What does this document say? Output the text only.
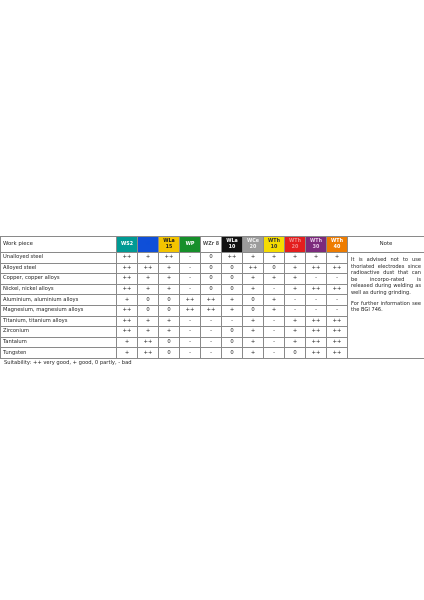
Work piece	WS2	W	WLa 15	WP	WZr 8	WLa 10	WCe 20	WTh 10	WTh 20	WTh 30	WTh 40	Note
Unalloyed steel	++	+	++	-	0	++	+	+	+	+	+	It is advised not to use thoriated electrodes since radioactive dust that can be incorpo-rated is released during welding as well as during grinding.

For further information see the BGI 746.

Alloyed steel	++	++	+	-	0	0	++	0	+	++	++	
Copper, copper alloys	++	+	+	-	0	0	+	+	+	-	-	
Nickel, nickel alloys	++	+	+	-	0	0	+	-	+	++	++	
Aluminium, aluminium alloys	+	0	0	++	++	+	0	+	-	-	-	
Magnesium, magnesium alloys	++	0	0	++	++	+	0	+	-	-	-	
Titanium, titanium alloys	++	+	+	-	-	-	+	-	+	++	++	
Zirconium	++	+	+	-	-	0	+	-	+	++	++	
Tantalum	+	++	0	-	-	0	+	-	+	++	++	
Tungsten	+	++	0	-	-	0	+	-	0	++	++	
Suitability: ++ very good, + good, 0 partly, - bad
